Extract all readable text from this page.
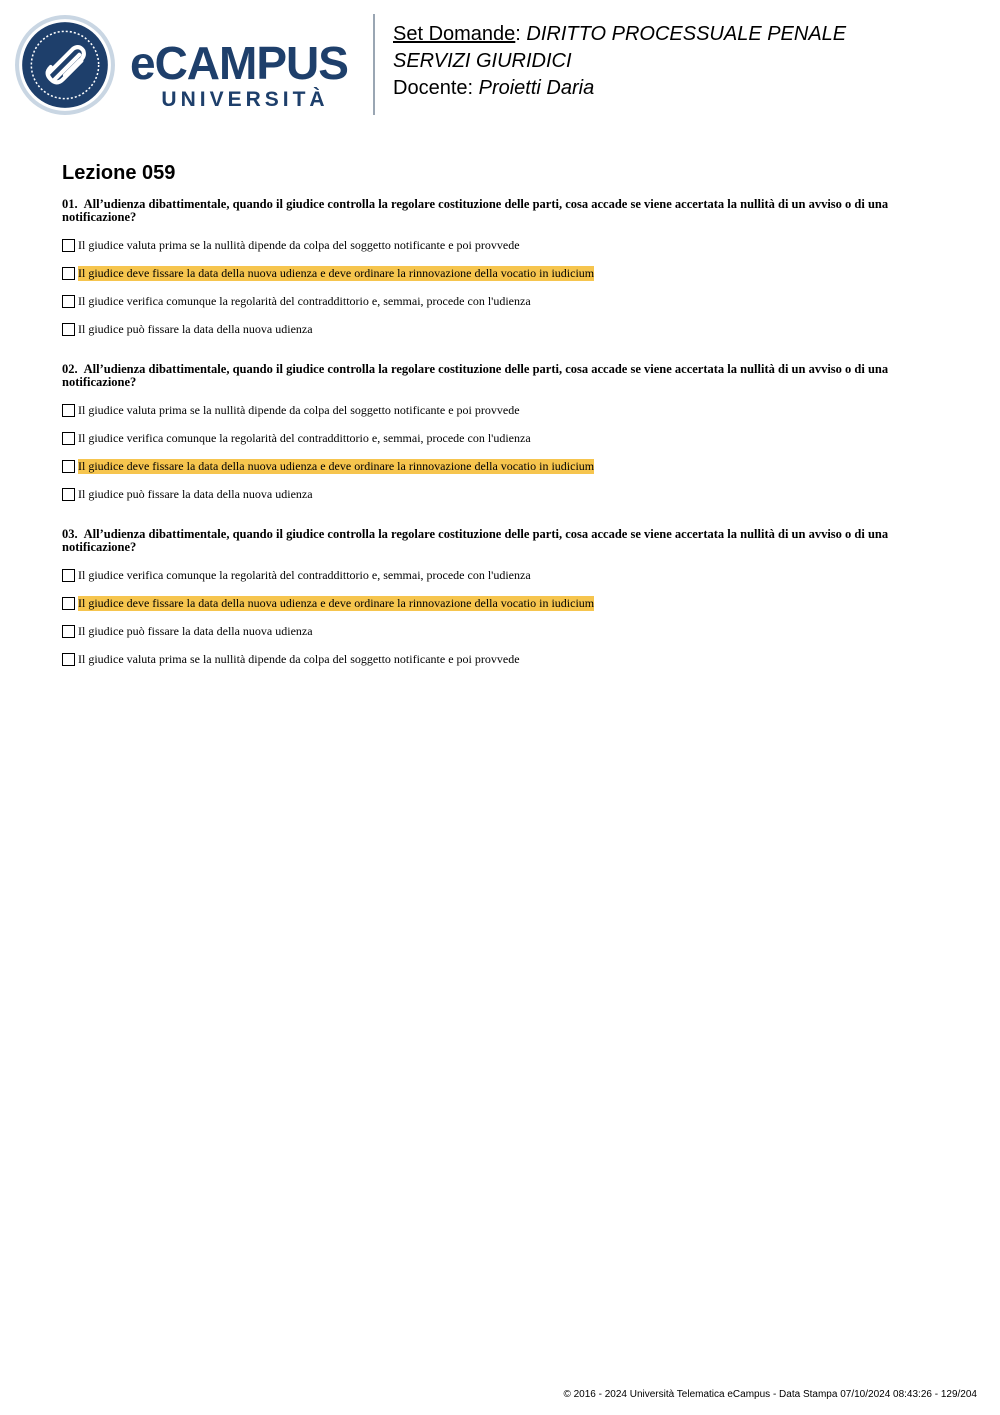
eCAMPUS
UNIVERSITÀ
Set Domande: DIRITTO PROCESSUALE PENALE
SERVIZI GIURIDICI
Docente: Proietti Daria
Lezione 059
01. All’udienza dibattimentale, quando il giudice controlla la regolare costituzione delle parti, cosa accade se viene accertata la nullità di un avviso o di una notificazione?
Il giudice valuta prima se la nullità dipende da colpa del soggetto notificante e poi provvede
Il giudice deve fissare la data della nuova udienza e deve ordinare la rinnovazione della vocatio in iudicium
Il giudice verifica comunque la regolarità del contraddittorio e, semmai, procede con l'udienza
Il giudice può fissare la data della nuova udienza
02. All’udienza dibattimentale, quando il giudice controlla la regolare costituzione delle parti, cosa accade se viene accertata la nullità di un avviso o di una notificazione?
Il giudice valuta prima se la nullità dipende da colpa del soggetto notificante e poi provvede
Il giudice verifica comunque la regolarità del contraddittorio e, semmai, procede con l'udienza
Il giudice deve fissare la data della nuova udienza e deve ordinare la rinnovazione della vocatio in iudicium
Il giudice può fissare la data della nuova udienza
03. All’udienza dibattimentale, quando il giudice controlla la regolare costituzione delle parti, cosa accade se viene accertata la nullità di un avviso o di una notificazione?
Il giudice verifica comunque la regolarità del contraddittorio e, semmai, procede con l'udienza
Il giudice deve fissare la data della nuova udienza e deve ordinare la rinnovazione della vocatio in iudicium
Il giudice può fissare la data della nuova udienza
Il giudice valuta prima se la nullità dipende da colpa del soggetto notificante e poi provvede
© 2016 - 2024 Università Telematica eCampus - Data Stampa 07/10/2024 08:43:26 - 129/204
